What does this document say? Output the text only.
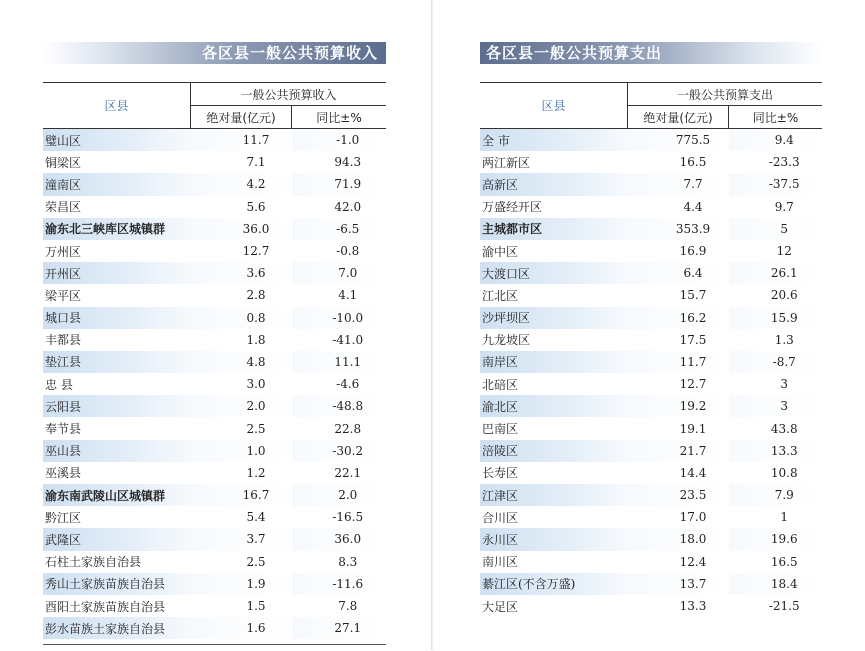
各区县一般公共预算收入
区县	一般公共预算收入	
	绝对量(亿元)	同比±%
璧山区	11.7	-1.0
铜梁区	7.1	94.3
潼南区	4.2	71.9
荣昌区	5.6	42.0
渝东北三峡库区城镇群	36.0	-6.5
万州区	12.7	-0.8
开州区	3.6	7.0
梁平区	2.8	4.1
城口县	0.8	-10.0
丰都县	1.8	-41.0
垫江县	4.8	11.1
忠 县	3.0	-4.6
云阳县	2.0	-48.8
奉节县	2.5	22.8
巫山县	1.0	-30.2
巫溪县	1.2	22.1
渝东南武陵山区城镇群	16.7	2.0
黔江区	5.4	-16.5
武隆区	3.7	36.0
石柱土家族自治县	2.5	8.3
秀山土家族苗族自治县	1.9	-11.6
酉阳土家族苗族自治县	1.5	7.8
彭水苗族土家族自治县	1.6	27.1
各区县一般公共预算支出
区县	一般公共预算支出	
	绝对量(亿元)	同比±%
全 市	775.5	9.4
两江新区	16.5	-23.3
高新区	7.7	-37.5
万盛经开区	4.4	9.7
主城都市区	353.9	5
渝中区	16.9	12
大渡口区	6.4	26.1
江北区	15.7	20.6
沙坪坝区	16.2	15.9
九龙坡区	17.5	1.3
南岸区	11.7	-8.7
北碚区	12.7	3
渝北区	19.2	3
巴南区	19.1	43.8
涪陵区	21.7	13.3
长寿区	14.4	10.8
江津区	23.5	7.9
合川区	17.0	1
永川区	18.0	19.6
南川区	12.4	16.5
綦江区(不含万盛)	13.7	18.4
大足区	13.3	-21.5
